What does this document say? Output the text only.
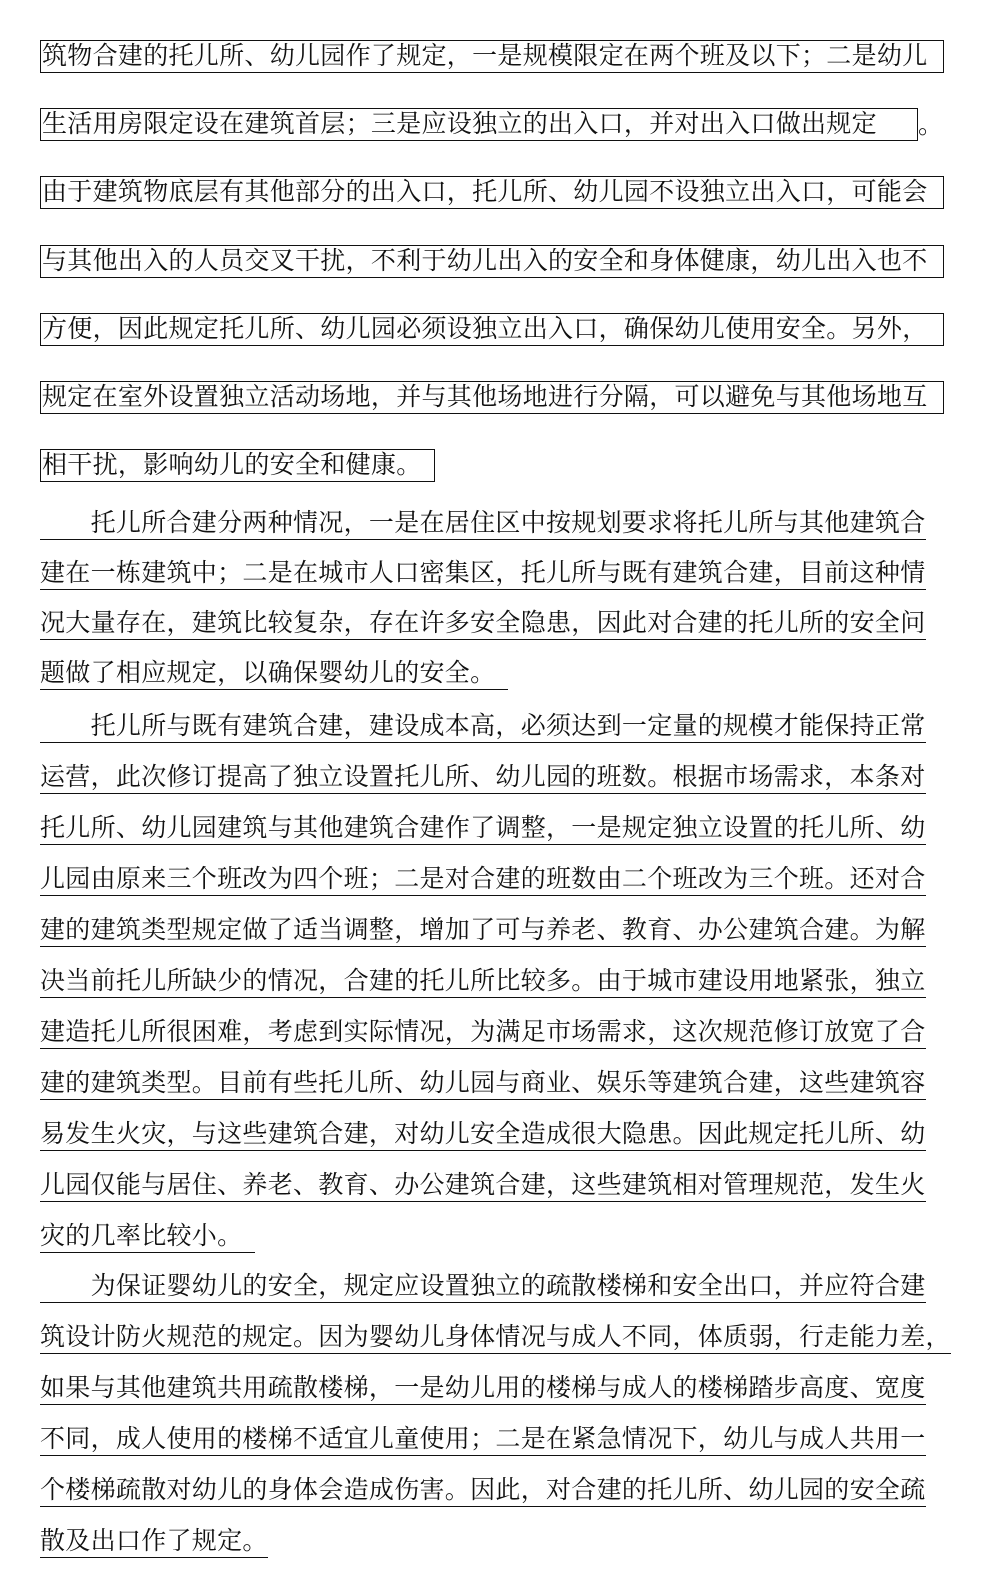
筑物合建的托儿所、幼儿园作了规定，一是规模限定在两个班及以下；二是幼儿
生活用房限定设在建筑首层；三是应设独立的出入口，并对出入口做出规定	。
由于建筑物底层有其他部分的出入口，托儿所、幼儿园不设独立出入口，可能会
与其他出入的人员交叉干扰，不利于幼儿出入的安全和身体健康，幼儿出入也不
方便，因此规定托儿所、幼儿园必须设独立出入口，确保幼儿使用安全。另外，
规定在室外设置独立活动场地，并与其他场地进行分隔，可以避免与其他场地互
相干扰，影响幼儿的安全和健康。
　　托儿所合建分两种情况，一是在居住区中按规划要求将托儿所与其他建筑合
建在一栋建筑中；二是在城市人口密集区，托儿所与既有建筑合建，目前这种情
况大量存在，建筑比较复杂，存在许多安全隐患，因此对合建的托儿所的安全问
题做了相应规定，以确保婴幼儿的安全。　
　　托儿所与既有建筑合建，建设成本高，必须达到一定量的规模才能保持正常
运营，此次修订提高了独立设置托儿所、幼儿园的班数。根据市场需求，本条对
托儿所、幼儿园建筑与其他建筑合建作了调整，一是规定独立设置的托儿所、幼
儿园由原来三个班改为四个班；二是对合建的班数由二个班改为三个班。还对合
建的建筑类型规定做了适当调整，增加了可与养老、教育、办公建筑合建。为解
决当前托儿所缺少的情况，合建的托儿所比较多。由于城市建设用地紧张，独立
建造托儿所很困难，考虑到实际情况，为满足市场需求，这次规范修订放宽了合
建的建筑类型。目前有些托儿所、幼儿园与商业、娱乐等建筑合建，这些建筑容
易发生火灾，与这些建筑合建，对幼儿安全造成很大隐患。因此规定托儿所、幼
儿园仅能与居住、养老、教育、办公建筑合建，这些建筑相对管理规范，发生火
灾的几率比较小。　
　　为保证婴幼儿的安全，规定应设置独立的疏散楼梯和安全出口，并应符合建
筑设计防火规范的规定。因为婴幼儿身体情况与成人不同，体质弱，行走能力差，
如果与其他建筑共用疏散楼梯，一是幼儿用的楼梯与成人的楼梯踏步高度、宽度
不同，成人使用的楼梯不适宜儿童使用；二是在紧急情况下，幼儿与成人共用一
个楼梯疏散对幼儿的身体会造成伤害。因此，对合建的托儿所、幼儿园的安全疏
散及出口作了规定。
